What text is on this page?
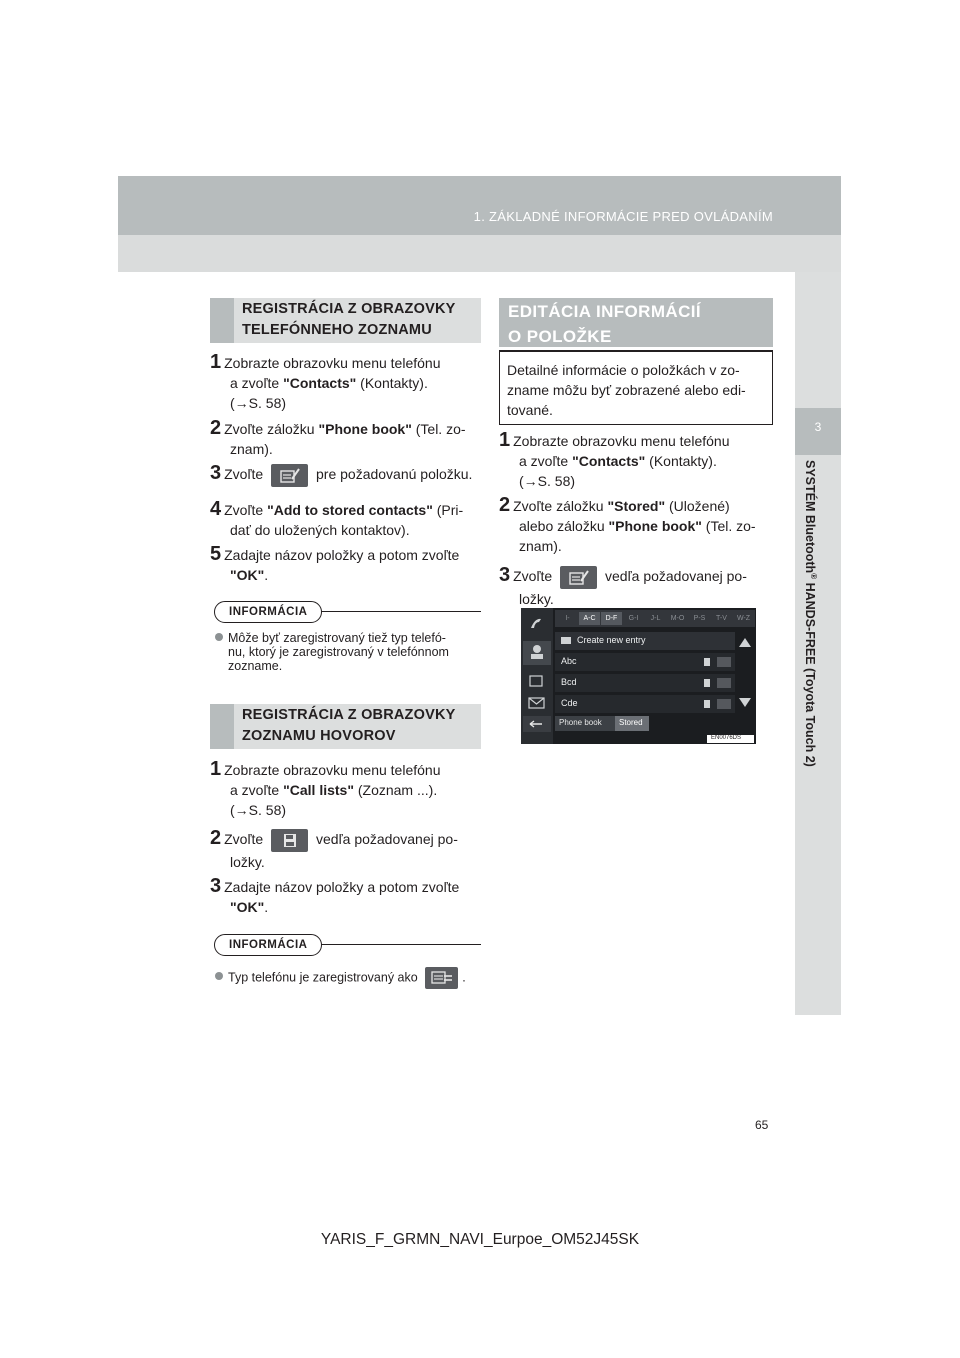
1. ZÁKLADNÉ INFORMÁCIE PRED OVLÁDANÍM
3
SYSTÉM Bluetooth® HANDS-FREE (Toyota Touch 2)
REGISTRÁCIA Z OBRAZOVKY
TELEFÓNNEHO ZOZNAMU
1 Zobrazte obrazovku menu telefónu
a zvoľte "Contacts" (Kontakty).
(→S. 58)
2 Zvoľte záložku "Phone book" (Tel. zo-
znam).
3 Zvoľte	pre požadovanú položku.
4 Zvoľte "Add to stored contacts" (Pri-
dať do uložených kontaktov).
5 Zadajte názov položky a potom zvoľte
"OK".
INFORMÁCIA
Môže byť zaregistrovaný tiež typ telefó-
nu, ktorý je zaregistrovaný v telefónnom
zozname.
REGISTRÁCIA Z OBRAZOVKY
ZOZNAMU HOVOROV
1 Zobrazte obrazovku menu telefónu
a zvoľte "Call lists" (Zoznam ...).
(→S. 58)
2 Zvoľte	vedľa požadovanej po-
ložky.
3 Zadajte názov položky a potom zvoľte
"OK".
INFORMÁCIA
Typ telefónu je zaregistrovaný ako	.
EDITÁCIA INFORMÁCIÍ
O POLOŽKE
Detailné informácie o položkách v zo-
zname môžu byť zobrazené alebo edi-
tované.
1 Zobrazte obrazovku menu telefónu
a zvoľte "Contacts" (Kontakty).
(→S. 58)
2 Zvoľte záložku "Stored" (Uložené)
alebo záložku "Phone book" (Tel. zo-
znam).
3 Zvoľte	vedľa požadovanej po-
ložky.
I-	A-C	D-F	G-I	J-L	M-O	P-S	T-V	W-Z
Create new entry
Abc
Bcd
Cde
Phone book Stored
EN0076DS
65
YARIS_F_GRMN_NAVI_Eurpoe_OM52J45SK
